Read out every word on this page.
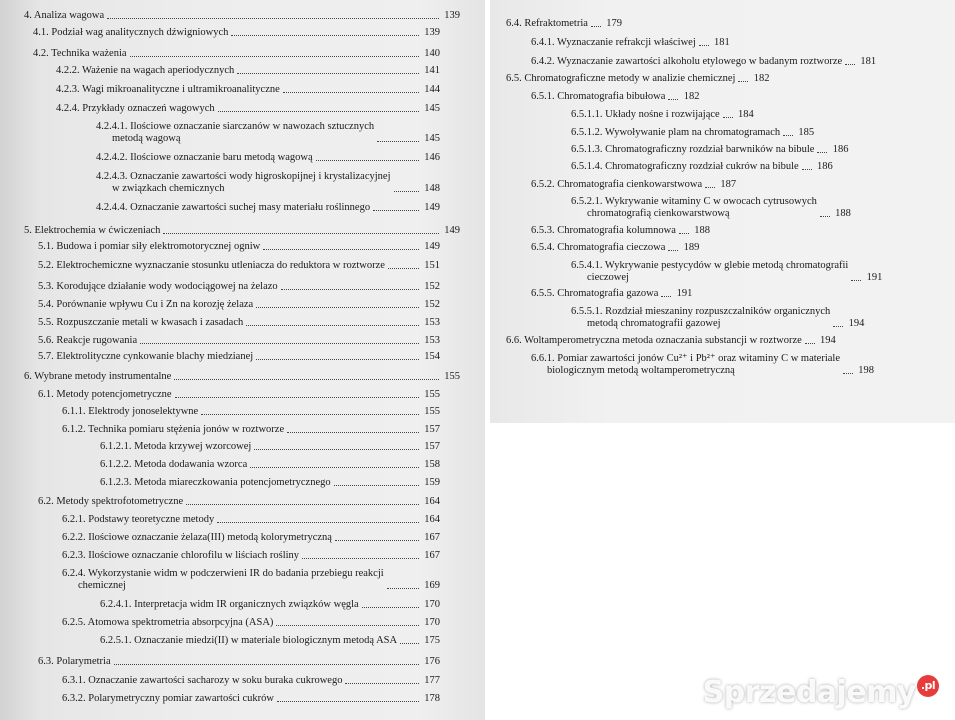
Sprzedajemy .pl
4. Analiza wagowa	139
4.1. Podział wag analitycznych dźwigniowych	139
4.2. Technika ważenia	140
4.2.2. Ważenie na wagach aperiodycznych	141
4.2.3. Wagi mikroanalityczne i ultramikroanalityczne	144
4.2.4. Przykłady oznaczeń wagowych	145
4.2.4.1. Ilościowe oznaczanie siarczanów w nawozach sztucznych
metodą wagową	145
4.2.4.2. Ilościowe oznaczanie baru metodą wagową	146
4.2.4.3. Oznaczanie zawartości wody higroskopijnej i krystalizacyjnej
w związkach chemicznych	148
4.2.4.4. Oznaczanie zawartości suchej masy materiału roślinnego	149
5. Elektrochemia w ćwiczeniach	149
5.1. Budowa i pomiar siły elektromotorycznej ogniw	149
5.2. Elektrochemiczne wyznaczanie stosunku utleniacza do reduktora w roztworze	151
5.3. Korodujące działanie wody wodociągowej na żelazo	152
5.4. Porównanie wpływu Cu i Zn na korozję żelaza	152
5.5. Rozpuszczanie metali w kwasach i zasadach	153
5.6. Reakcje rugowania	153
5.7. Elektrolityczne cynkowanie blachy miedzianej	154
6. Wybrane metody instrumentalne	155
6.1. Metody potencjometryczne	155
6.1.1. Elektrody jonoselektywne	155
6.1.2. Technika pomiaru stężenia jonów w roztworze	157
6.1.2.1. Metoda krzywej wzorcowej	157
6.1.2.2. Metoda dodawania wzorca	158
6.1.2.3. Metoda miareczkowania potencjometrycznego	159
6.2. Metody spektrofotometryczne	164
6.2.1. Podstawy teoretyczne metody	164
6.2.2. Ilościowe oznaczanie żelaza(III) metodą kolorymetryczną	167
6.2.3. Ilościowe oznaczanie chlorofilu w liściach rośliny	167
6.2.4. Wykorzystanie widm w podczerwieni IR do badania przebiegu reakcji
chemicznej	169
6.2.4.1. Interpretacja widm IR organicznych związków węgla	170
6.2.5. Atomowa spektrometria absorpcyjna (ASA)	170
6.2.5.1. Oznaczanie miedzi(II) w materiale biologicznym metodą ASA	175
6.3. Polarymetria	176
6.3.1. Oznaczanie zawartości sacharozy w soku buraka cukrowego	177
6.3.2. Polarymetryczny pomiar zawartości cukrów	178
6.4. Refraktometria 179
6.4.1. Wyznaczanie refrakcji właściwej 181
6.4.2. Wyznaczanie zawartości alkoholu etylowego w badanym roztworze 181
6.5. Chromatograficzne metody w analizie chemicznej 182
6.5.1. Chromatografia bibułowa 182
6.5.1.1. Układy nośne i rozwijające 184
6.5.1.2. Wywoływanie plam na chromatogramach 185
6.5.1.3. Chromatograficzny rozdział barwników na bibule 186
6.5.1.4. Chromatograficzny rozdział cukrów na bibule 186
6.5.2. Chromatografia cienkowarstwowa 187
6.5.2.1. Wykrywanie witaminy C w owocach cytrusowych
chromatografią cienkowarstwową	188
6.5.3. Chromatografia kolumnowa 188
6.5.4. Chromatografia cieczowa 189
6.5.4.1. Wykrywanie pestycydów w glebie metodą chromatografii
cieczowej	191
6.5.5. Chromatografia gazowa 191
6.5.5.1. Rozdział mieszaniny rozpuszczalników organicznych
metodą chromatografii gazowej	194
6.6. Woltamperometryczna metoda oznaczania substancji w roztworze 194
6.6.1. Pomiar zawartości jonów Cu²⁺ i Pb²⁺ oraz witaminy C w materiale
biologicznym metodą woltamperometryczną	198
